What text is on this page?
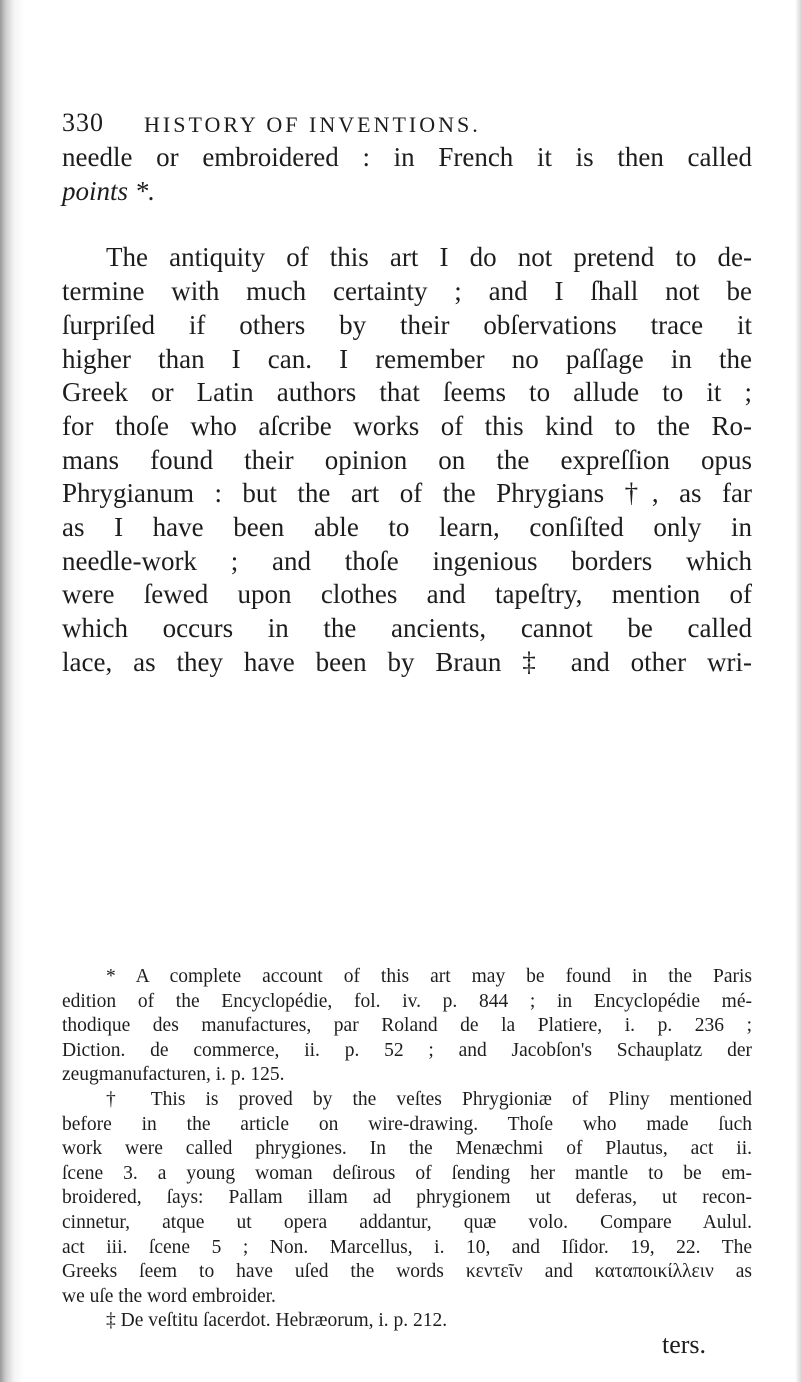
330 HISTORY OF INVENTIONS.

needle or embroidered : in French it is then called
points *.

The antiquity of this art I do not pretend to de-
termine with much certainty ; and I ſhall not be
ſurpriſed if others by their obſervations trace it
higher than I can. I remember no paſſage in the
Greek or Latin authors that ſeems to allude to it ;
for thoſe who aſcribe works of this kind to the Ro-
mans found their opinion on the expreſſion opus
Phrygianum : but the art of the Phrygians †, as far
as I have been able to learn, conſiſted only in
needle-work ; and thoſe ingenious borders which
were ſewed upon clothes and tapeſtry, mention of
which occurs in the ancients, cannot be called
lace, as they have been by Braun ‡ and other wri-

* A complete account of this art may be found in the Paris
edition of the Encyclopédie, fol. iv. p. 844 ; in Encyclopédie mé-
thodique des manufactures, par Roland de la Platiere, i. p. 236 ;
Diction. de commerce, ii. p. 52 ; and Jacobſon's Schauplatz der
zeugmanufacturen, i. p. 125.
† This is proved by the veſtes Phrygioniæ of Pliny mentioned
before in the article on wire-drawing. Thoſe who made ſuch
work were called phrygiones. In the Menæchmi of Plautus, act ii.
ſcene 3. a young woman deſirous of ſending her mantle to be em-
broidered, ſays: Pallam illam ad phrygionem ut deferas, ut recon-
cinnetur, atque ut opera addantur, quæ volo. Compare Aulul.
act iii. ſcene 5 ; Non. Marcellus, i. 10, and Iſidor. 19, 22. The
Greeks ſeem to have uſed the words κεντεῖν and καταποικίλλειν as
we uſe the word embroider.
‡ De veſtitu ſacerdot. Hebræorum, i. p. 212.
ters.
